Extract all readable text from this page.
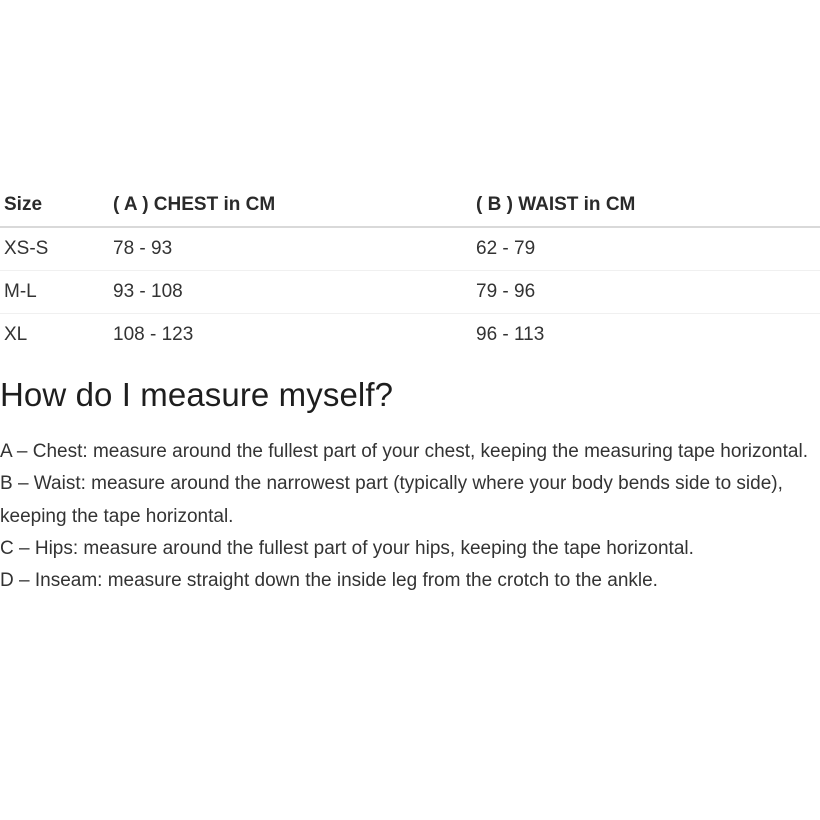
Size	( A ) CHEST in CM	( B ) WAIST in CM
XS-S	78 - 93	62 - 79
M-L	93 - 108	79 - 96
XL	108 - 123	96 - 113
How do I measure myself?
A – Chest: measure around the fullest part of your chest, keeping the measuring tape horizontal.
B – Waist: measure around the narrowest part (typically where your body bends side to side), keeping the tape horizontal.
C – Hips: measure around the fullest part of your hips, keeping the tape horizontal.
D – Inseam: measure straight down the inside leg from the crotch to the ankle.
